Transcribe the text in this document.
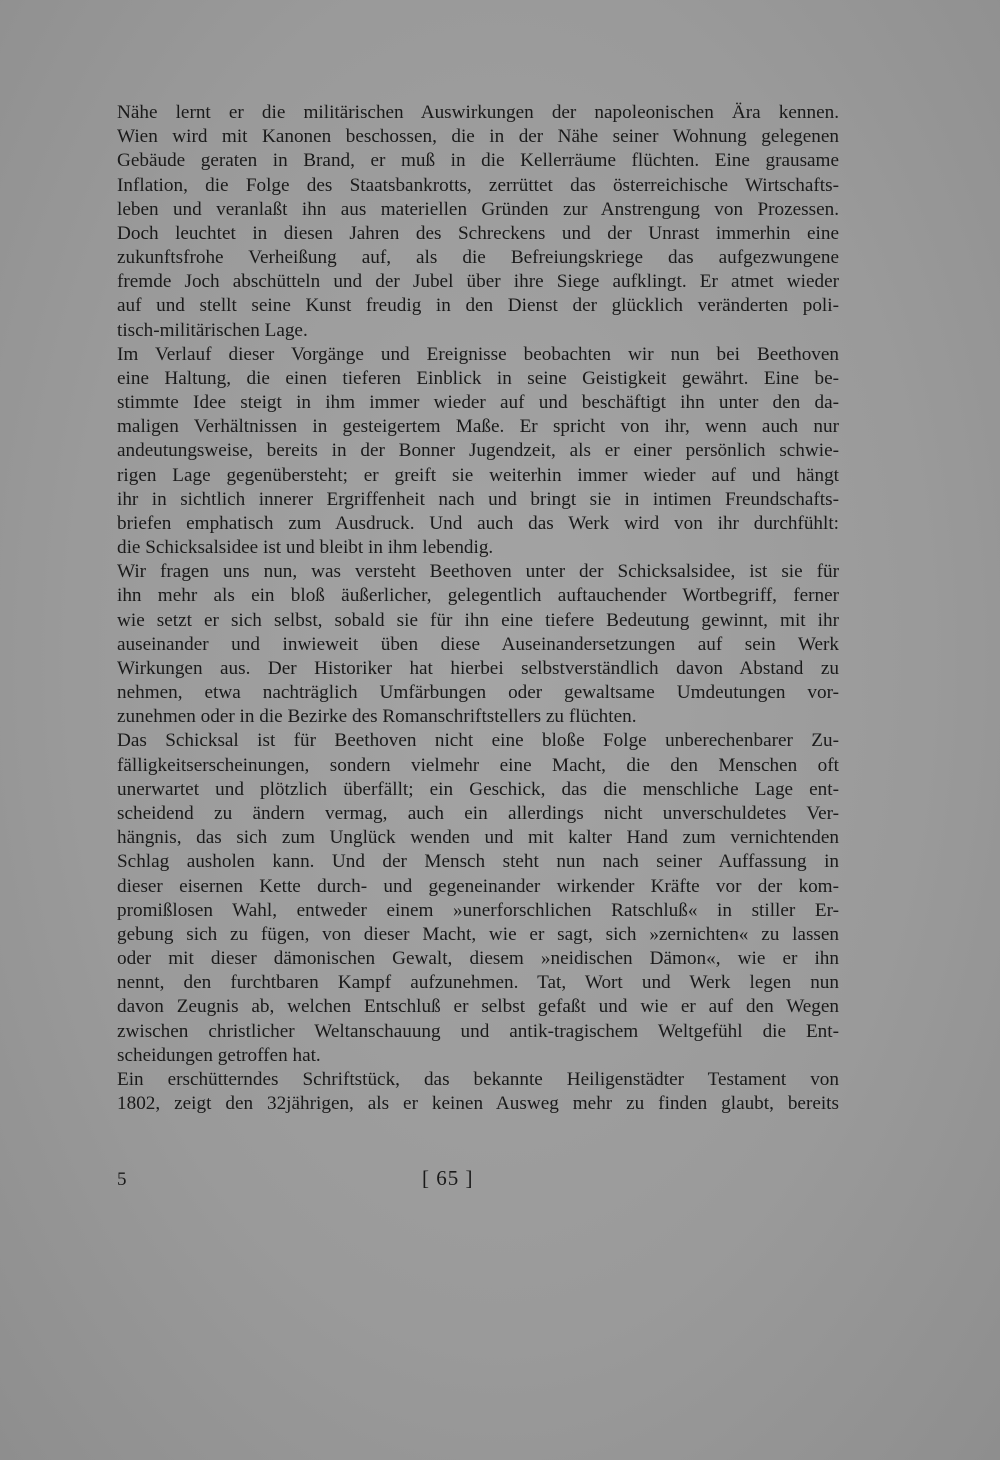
Nähe lernt er die militärischen Auswirkungen der napoleonischen Ära kennen.
Wien wird mit Kanonen beschossen, die in der Nähe seiner Wohnung gelegenen
Gebäude geraten in Brand, er muß in die Kellerräume flüchten. Eine grausame
Inflation, die Folge des Staatsbankrotts, zerrüttet das österreichische Wirtschafts-
leben und veranlaßt ihn aus materiellen Gründen zur Anstrengung von Prozessen.
Doch leuchtet in diesen Jahren des Schreckens und der Unrast immerhin eine
zukunftsfrohe Verheißung auf, als die Befreiungskriege das aufgezwungene
fremde Joch abschütteln und der Jubel über ihre Siege aufklingt. Er atmet wieder
auf und stellt seine Kunst freudig in den Dienst der glücklich veränderten poli-
tisch-militärischen Lage.
Im Verlauf dieser Vorgänge und Ereignisse beobachten wir nun bei Beethoven
eine Haltung, die einen tieferen Einblick in seine Geistigkeit gewährt. Eine be-
stimmte Idee steigt in ihm immer wieder auf und beschäftigt ihn unter den da-
maligen Verhältnissen in gesteigertem Maße. Er spricht von ihr, wenn auch nur
andeutungsweise, bereits in der Bonner Jugendzeit, als er einer persönlich schwie-
rigen Lage gegenübersteht; er greift sie weiterhin immer wieder auf und hängt
ihr in sichtlich innerer Ergriffenheit nach und bringt sie in intimen Freundschafts-
briefen emphatisch zum Ausdruck. Und auch das Werk wird von ihr durchfühlt:
die Schicksalsidee ist und bleibt in ihm lebendig.
Wir fragen uns nun, was versteht Beethoven unter der Schicksalsidee, ist sie für
ihn mehr als ein bloß äußerlicher, gelegentlich auftauchender Wortbegriff, ferner
wie setzt er sich selbst, sobald sie für ihn eine tiefere Bedeutung gewinnt, mit ihr
auseinander und inwieweit üben diese Auseinandersetzungen auf sein Werk
Wirkungen aus. Der Historiker hat hierbei selbstverständlich davon Abstand zu
nehmen, etwa nachträglich Umfärbungen oder gewaltsame Umdeutungen vor-
zunehmen oder in die Bezirke des Romanschriftstellers zu flüchten.
Das Schicksal ist für Beethoven nicht eine bloße Folge unberechenbarer Zu-
fälligkeitserscheinungen, sondern vielmehr eine Macht, die den Menschen oft
unerwartet und plötzlich überfällt; ein Geschick, das die menschliche Lage ent-
scheidend zu ändern vermag, auch ein allerdings nicht unverschuldetes Ver-
hängnis, das sich zum Unglück wenden und mit kalter Hand zum vernichtenden
Schlag ausholen kann. Und der Mensch steht nun nach seiner Auffassung in
dieser eisernen Kette durch- und gegeneinander wirkender Kräfte vor der kom-
promißlosen Wahl, entweder einem »unerforschlichen Ratschluß« in stiller Er-
gebung sich zu fügen, von dieser Macht, wie er sagt, sich »zernichten« zu lassen
oder mit dieser dämonischen Gewalt, diesem »neidischen Dämon«, wie er ihn
nennt, den furchtbaren Kampf aufzunehmen. Tat, Wort und Werk legen nun
davon Zeugnis ab, welchen Entschluß er selbst gefaßt und wie er auf den Wegen
zwischen christlicher Weltanschauung und antik-tragischem Weltgefühl die Ent-
scheidungen getroffen hat.
Ein erschütterndes Schriftstück, das bekannte Heiligenstädter Testament von
1802, zeigt den 32jährigen, als er keinen Ausweg mehr zu finden glaubt, bereits
5	[ 65 ]
